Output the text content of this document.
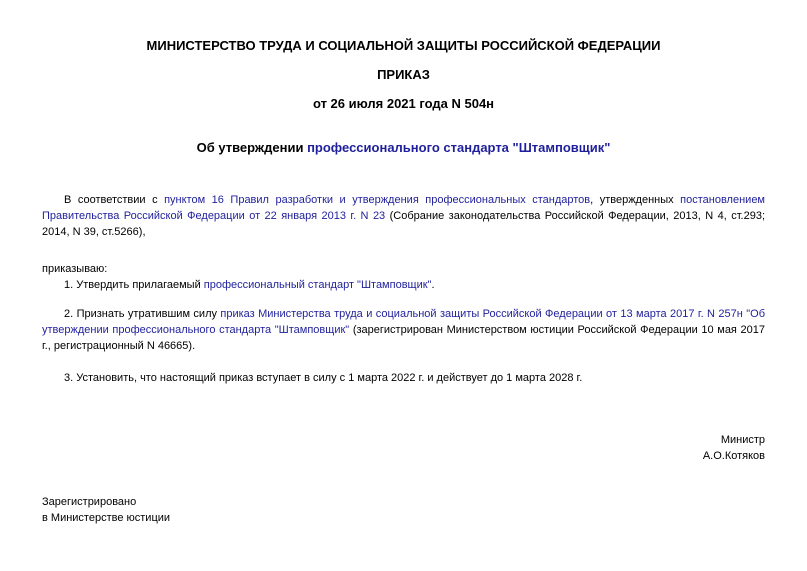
МИНИСТЕРСТВО ТРУДА И СОЦИАЛЬНОЙ ЗАЩИТЫ РОССИЙСКОЙ ФЕДЕРАЦИИ
ПРИКАЗ
от 26 июля 2021 года N 504н
Об утверждении профессионального стандарта "Штамповщик"
В соответствии с пунктом 16 Правил разработки и утверждения профессиональных стандартов, утвержденных постановлением Правительства Российской Федерации от 22 января 2013 г. N 23 (Собрание законодательства Российской Федерации, 2013, N 4, ст.293; 2014, N 39, ст.5266),
приказываю:
1. Утвердить прилагаемый профессиональный стандарт "Штамповщик".
2. Признать утратившим силу приказ Министерства труда и социальной защиты Российской Федерации от 13 марта 2017 г. N 257н "Об утверждении профессионального стандарта "Штамповщик" (зарегистрирован Министерством юстиции Российской Федерации 10 мая 2017 г., регистрационный N 46665).
3. Установить, что настоящий приказ вступает в силу с 1 марта 2022 г. и действует до 1 марта 2028 г.
Министр
А.О.Котяков
Зарегистрировано
в Министерстве юстиции
